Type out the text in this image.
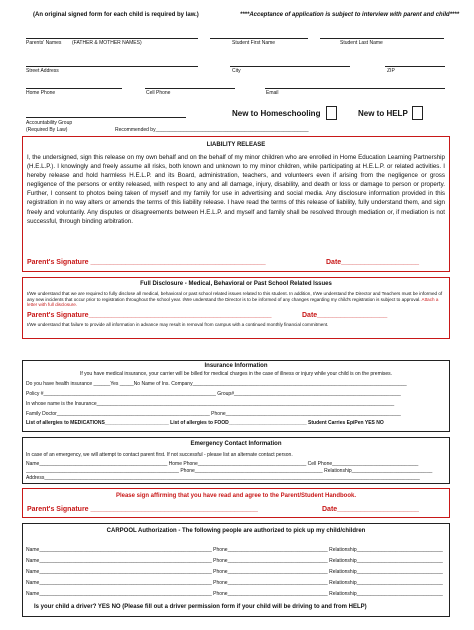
(An original signed form for each child is required by law.)	****Acceptance of application is subject to interview with parent and child****
Parents' Names (FATHER & MOTHER NAMES)	Student First Name	Student Last Name
Street Address	City	ZIP
Home Phone	Cell Phone	Email
Accountability Group
(Required By Law)	Recommended by_______________________________________________________
New to Homeschooling	New to HELP
LIABILITY RELEASE
I, the undersigned, sign this release on my own behalf and on the behalf of my minor children who are enrolled in Home Education Learning Partnership (H.E.L.P.). I knowingly and freely assume all risks, both known and unknown to my minor children, while participating at H.E.L.P. or related activities. I hereby release and hold harmless H.E.L.P. and its Board, administration, teachers, and volunteers even if arising from the negligence or gross negligence of the persons or entity released, with respect to any and all damage, injury, disability, and death or loss or damage to person or property. Further, I consent to photos being taken of myself and my family for use in advertising and social media. Any disclosure information provided in this registration in no way alters or amends the terms of this liability release. I have read the terms of this release of liability, fully understand them, and sign freely and voluntarily. Any disputes or disagreements between H.E.L.P. and myself and family shall be resolved through mediation or, if mediation is not successful, through binding arbitration.
Parent's Signature _____________________________________________	Date____________________
Full Disclosure - Medical, Behavioral or Past School Related Issues
I/We understand that we are required to fully disclose all medical, behavioral or past school related issues related to this student. In addition, I/We understand the Director and Teachers must be informed of any new incidents that occur prior to registration throughout the school year. I/We understand the Director is to be informed of any changes regarding my child's registration is subject to approval. Attach a letter with full disclosure.
Parent's Signature_______________________________________________	Date__________________
I/We understand that failure to provide all information in advance may result in removal from campus with a continued monthly financial commitment.
Insurance Information
If you have medical insurance, your carrier will be billed for medical charges in the case of illness or injury while your child is on the premises.
Do you have health insurance ______Yes _____No Name of Ins. Company_____________________________________________________________________________
Policy #______________________________________________________________ Group#____________________________________________________________
In whose name is the Insurance___________________________________________________________________________________________________________
Family Doctor_______________________________________________________ Phone_______________________________________________________________
List of allergies to MEDICATIONS_______________________ List of allergies to FOOD____________________________ Student Carries EpiPen YES NO
Emergency Contact Information
In case of an emergency, we will attempt to contact parent first. If not successful - please list an alternate contact person.
Name______________________________________________ Home Phone_______________________________________ Cell Phone_______________________________
_______________________________________________________ Phone______________________________________________ Relationship_____________________________
Address_______________________________________________________________________________________________________________________________________
Please sign affirming that you have read and agree to the Parent/Student Handbook.
Parent's Signature ___________________________________________	Date_____________________
CARPOOL Authorization - The following people are authorized to pick up my child/children
Name______________________________________________________________ Phone____________________________________ Relationship_______________________________
Name______________________________________________________________ Phone____________________________________ Relationship_______________________________
Name______________________________________________________________ Phone____________________________________ Relationship_______________________________
Name______________________________________________________________ Phone____________________________________ Relationship_______________________________
Name______________________________________________________________ Phone____________________________________ Relationship_______________________________
Is your child a driver? YES NO (Please fill out a driver permission form if your child will be driving to and from HELP)
